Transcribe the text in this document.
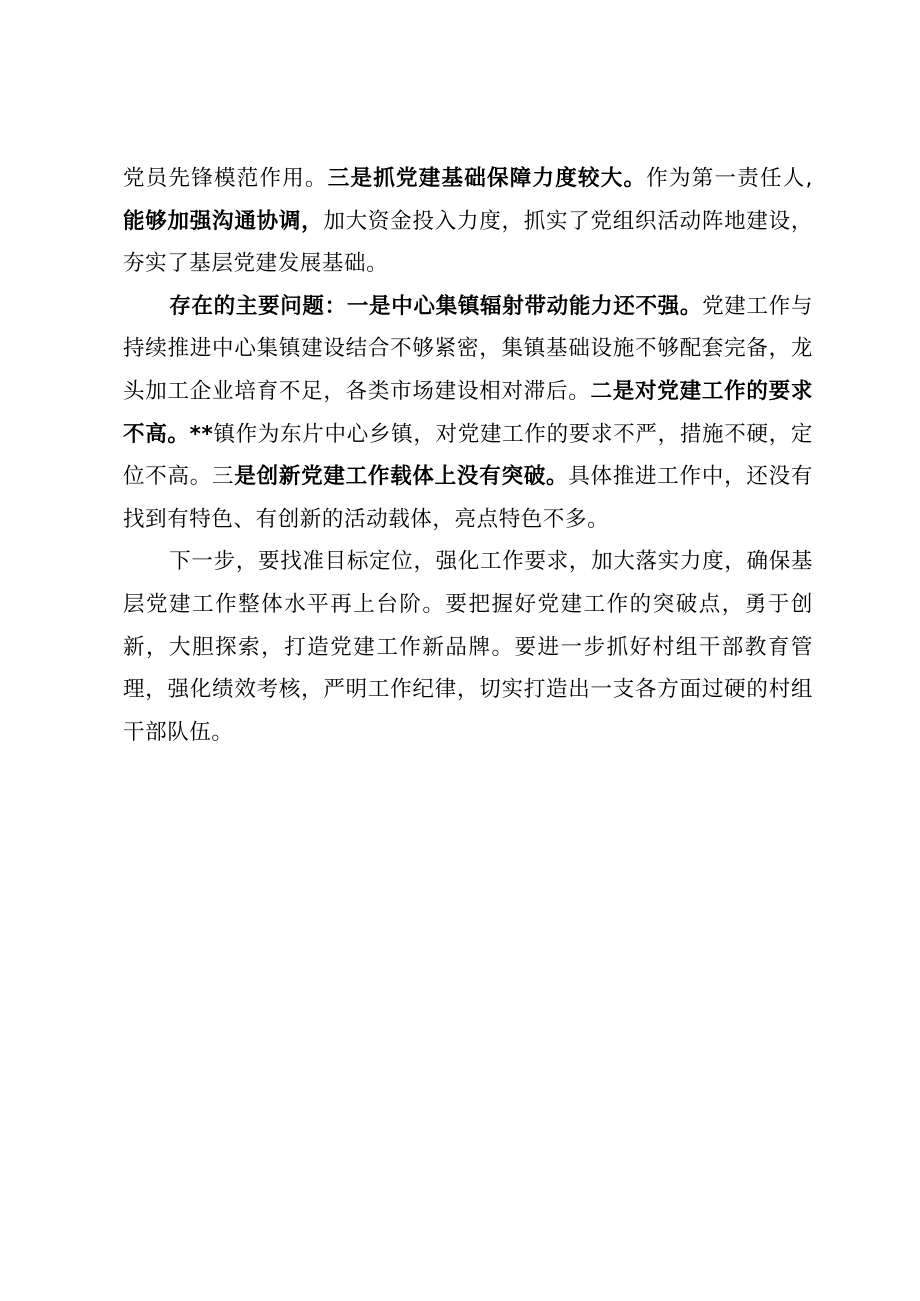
党员先锋模范作用。三是抓党建基础保障力度较大。作为第一责任人,能够加强沟通协调，加大资金投入力度，抓实了党组织活动阵地建设，夯实了基层党建发展基础。

存在的主要问题：一是中心集镇辐射带动能力还不强。党建工作与持续推进中心集镇建设结合不够紧密，集镇基础设施不够配套完备，龙头加工企业培育不足，各类市场建设相对滞后。二是对党建工作的要求不高。**镇作为东片中心乡镇，对党建工作的要求不严，措施不硬，定位不高。三是创新党建工作载体上没有突破。具体推进工作中，还没有找到有特色、有创新的活动载体，亮点特色不多。

下一步，要找准目标定位，强化工作要求，加大落实力度，确保基层党建工作整体水平再上台阶。要把握好党建工作的突破点，勇于创新，大胆探索，打造党建工作新品牌。要进一步抓好村组干部教育管理，强化绩效考核，严明工作纪律，切实打造出一支各方面过硬的村组干部队伍。
